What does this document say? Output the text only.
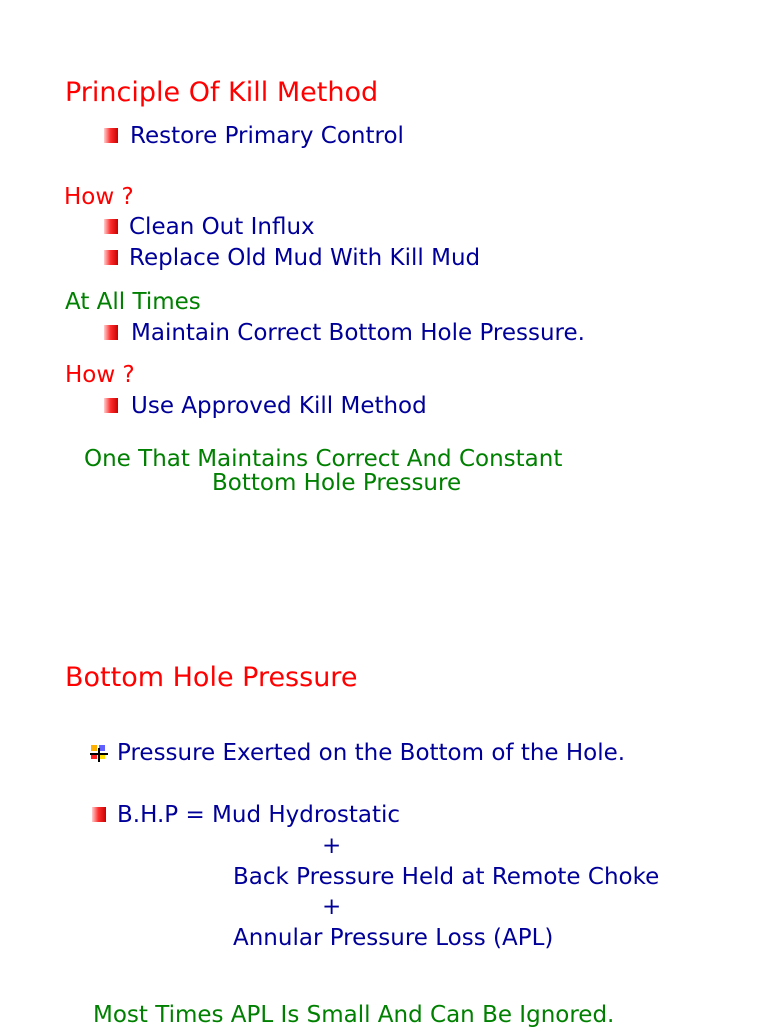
Principle Of Kill Method
Restore Primary Control
How ?
Clean Out Influx
Replace Old Mud With Kill Mud
At All Times
Maintain Correct Bottom Hole Pressure.
How ?
Use Approved Kill Method
One That Maintains Correct And Constant
Bottom Hole Pressure
Bottom Hole Pressure
Pressure Exerted on the Bottom of the Hole.
B.H.P = Mud Hydrostatic
+
Back Pressure Held at Remote Choke
+
Annular Pressure Loss (APL)
Most Times APL Is Small And Can Be Ignored.
